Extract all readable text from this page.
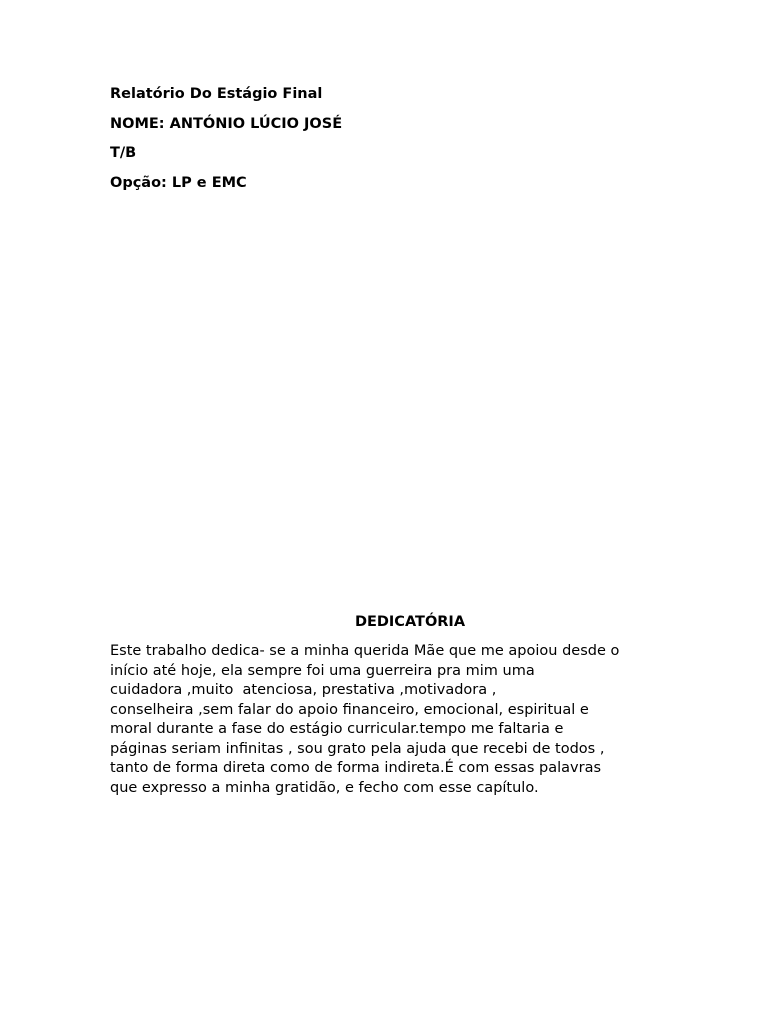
Relatório Do Estágio Final

NOME: ANTÓNIO LÚCIO JOSÉ

T/B

Opção: LP e EMC

DEDICATÓRIA

Este trabalho dedica- se a minha querida Mãe que me apoiou desde o
início até hoje, ela sempre foi uma guerreira pra mim uma
cuidadora ,muito  atenciosa, prestativa ,motivadora ,
conselheira ,sem falar do apoio financeiro, emocional, espiritual e
moral durante a fase do estágio curricular.tempo me faltaria e
páginas seriam infinitas , sou grato pela ajuda que recebi de todos ,
tanto de forma direta como de forma indireta.É com essas palavras
que expresso a minha gratidão, e fecho com esse capítulo.
